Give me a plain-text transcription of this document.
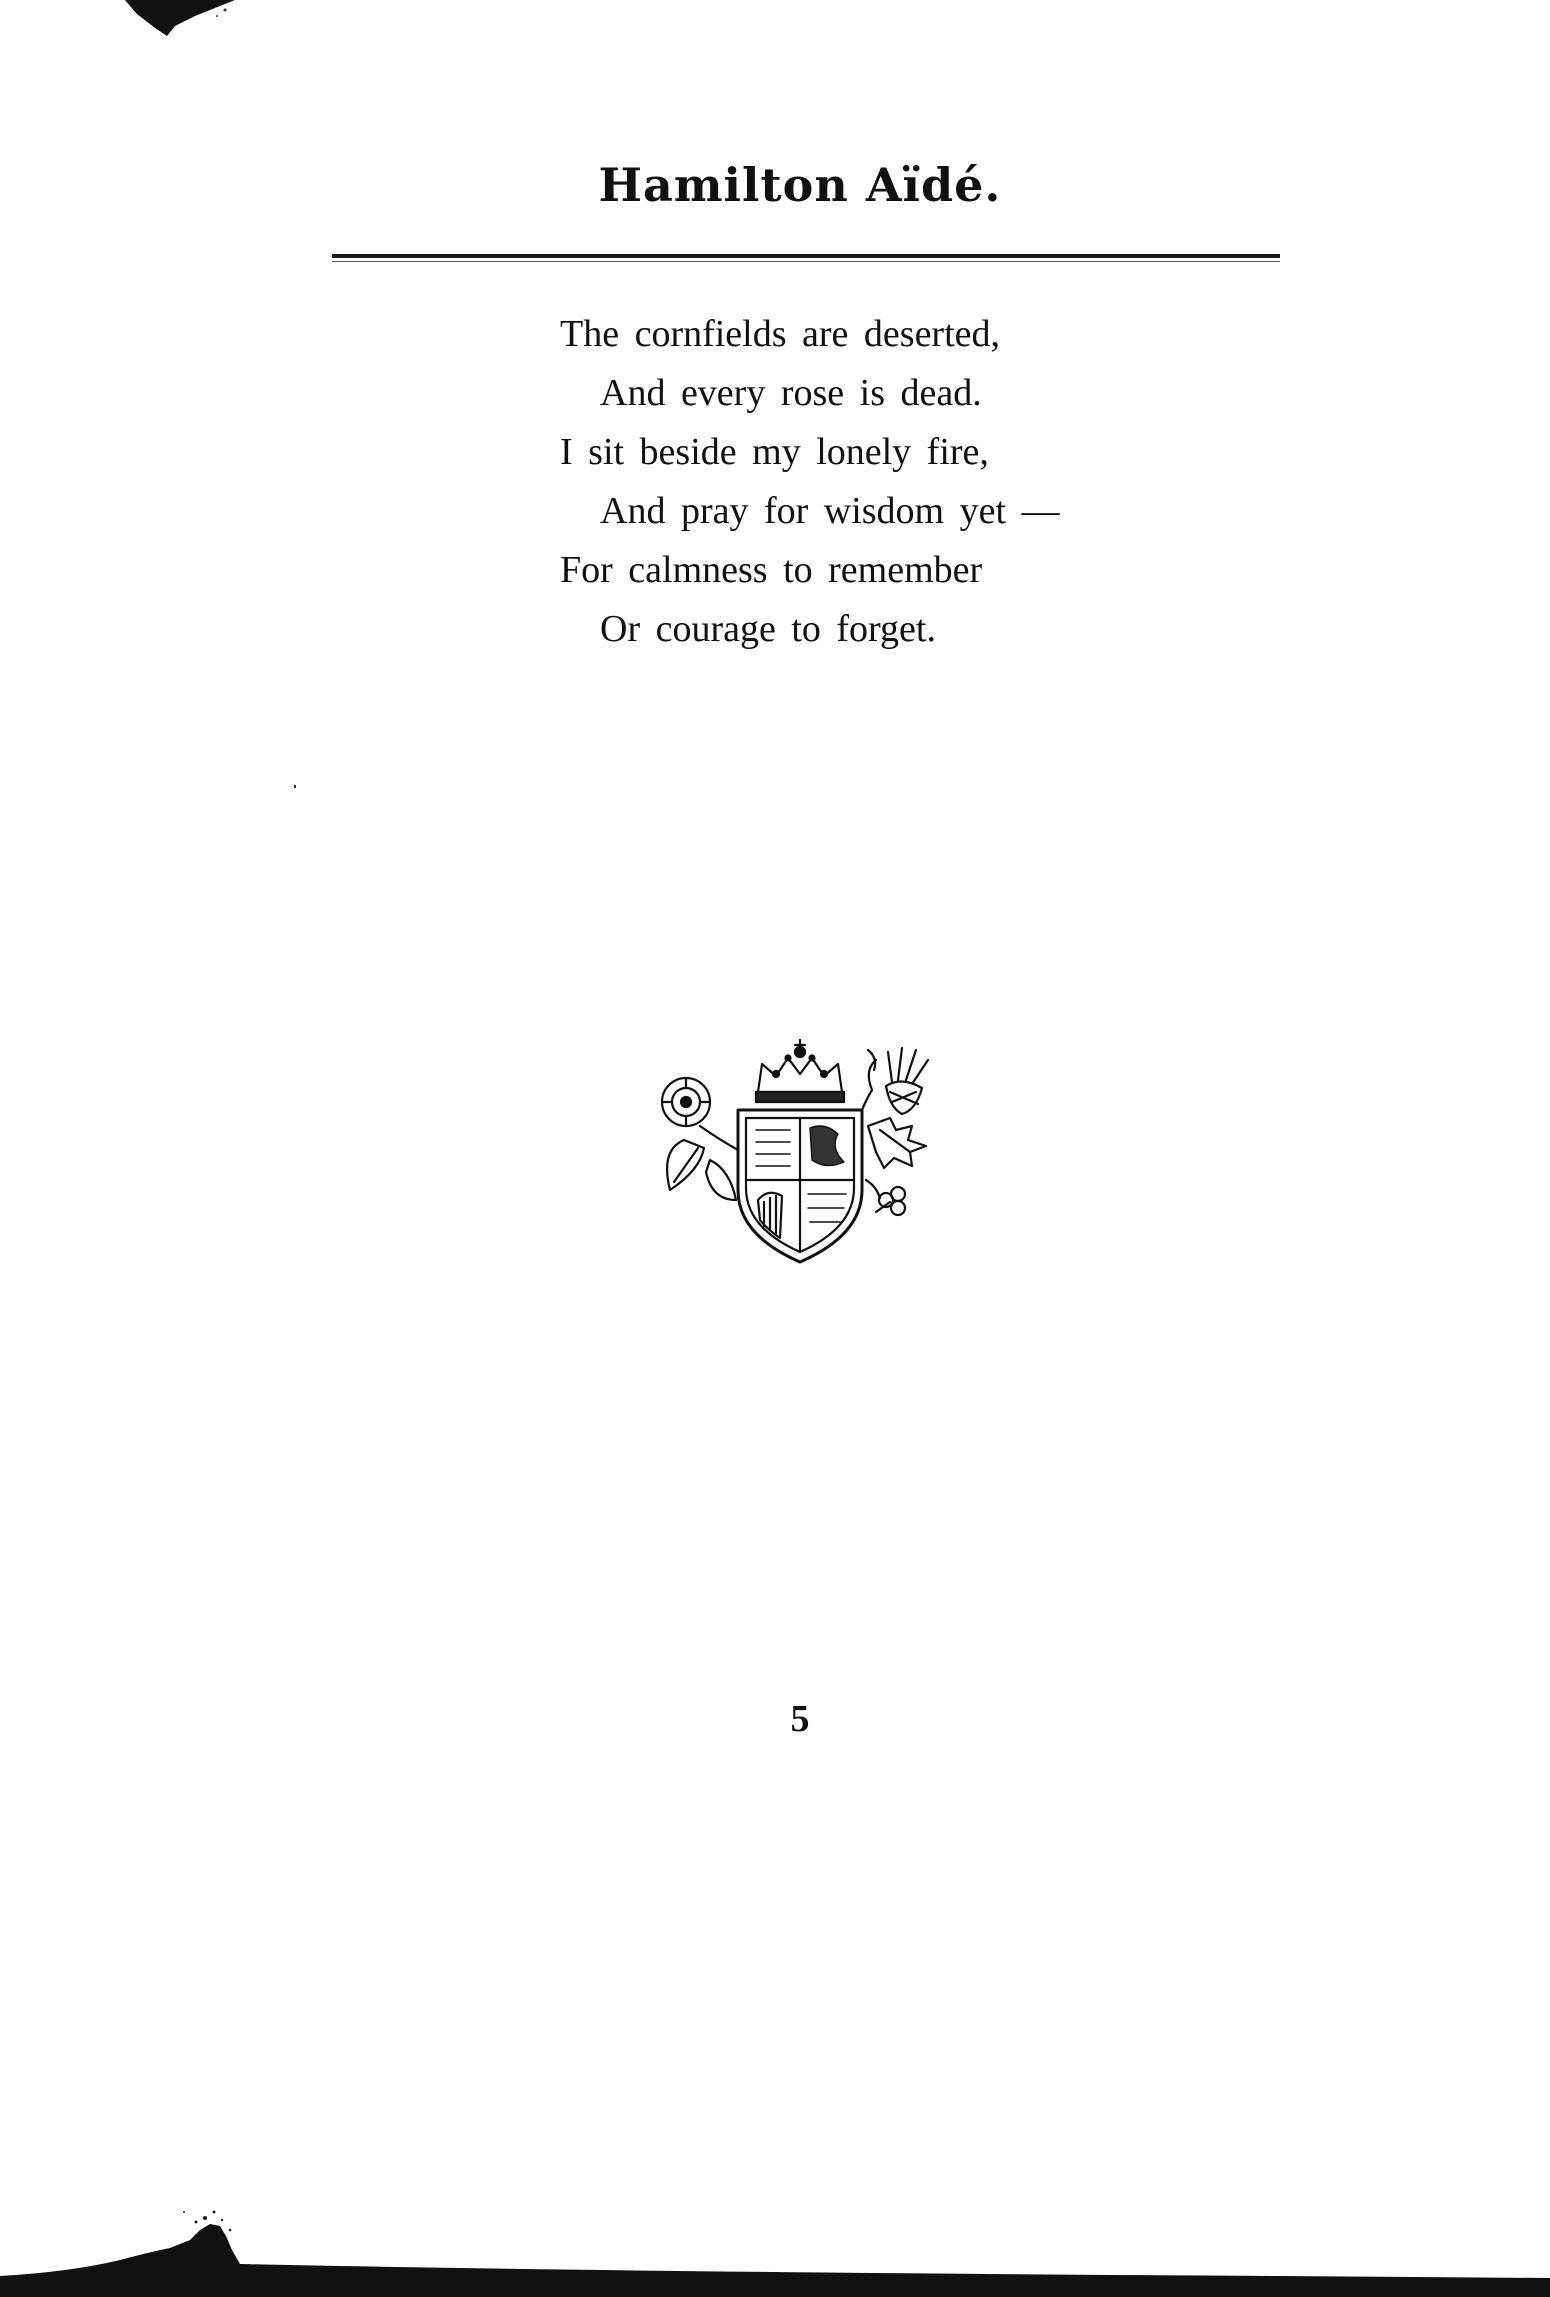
Hamilton Aïdé.
The cornfields are deserted,
And every rose is dead.
I sit beside my lonely fire,
And pray for wisdom yet —
For calmness to remember
Or courage to forget.
5
